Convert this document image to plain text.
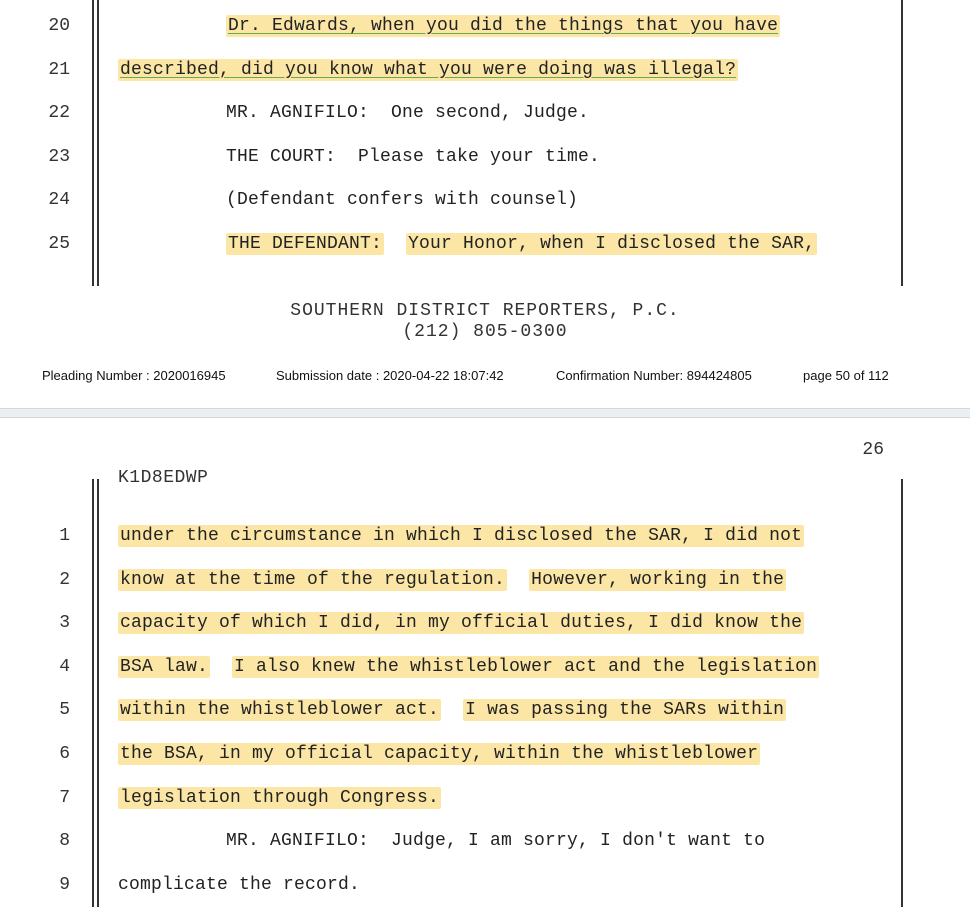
20	Dr. Edwards, when you did the things that you have
21	described, did you know what you were doing was illegal?
22	MR. AGNIFILO:  One second, Judge.
23	THE COURT:  Please take your time.
24	(Defendant confers with counsel)
25	THE DEFENDANT: Your Honor, when I disclosed the SAR,
SOUTHERN DISTRICT REPORTERS, P.C.
(212) 805-0300
Pleading Number : 2020016945	Submission date : 2020-04-22 18:07:42	Confirmation Number: 894424805	page 50 of 112
26
K1D8EDWP
1	under the circumstance in which I disclosed the SAR, I did not
2	know at the time of the regulation. However, working in the
3	capacity of which I did, in my official duties, I did know the
4	BSA law. I also knew the whistleblower act and the legislation
5	within the whistleblower act. I was passing the SARs within
6	the BSA, in my official capacity, within the whistleblower
7	legislation through Congress.
8	MR. AGNIFILO:  Judge, I am sorry, I don't want to
9	complicate the record.
